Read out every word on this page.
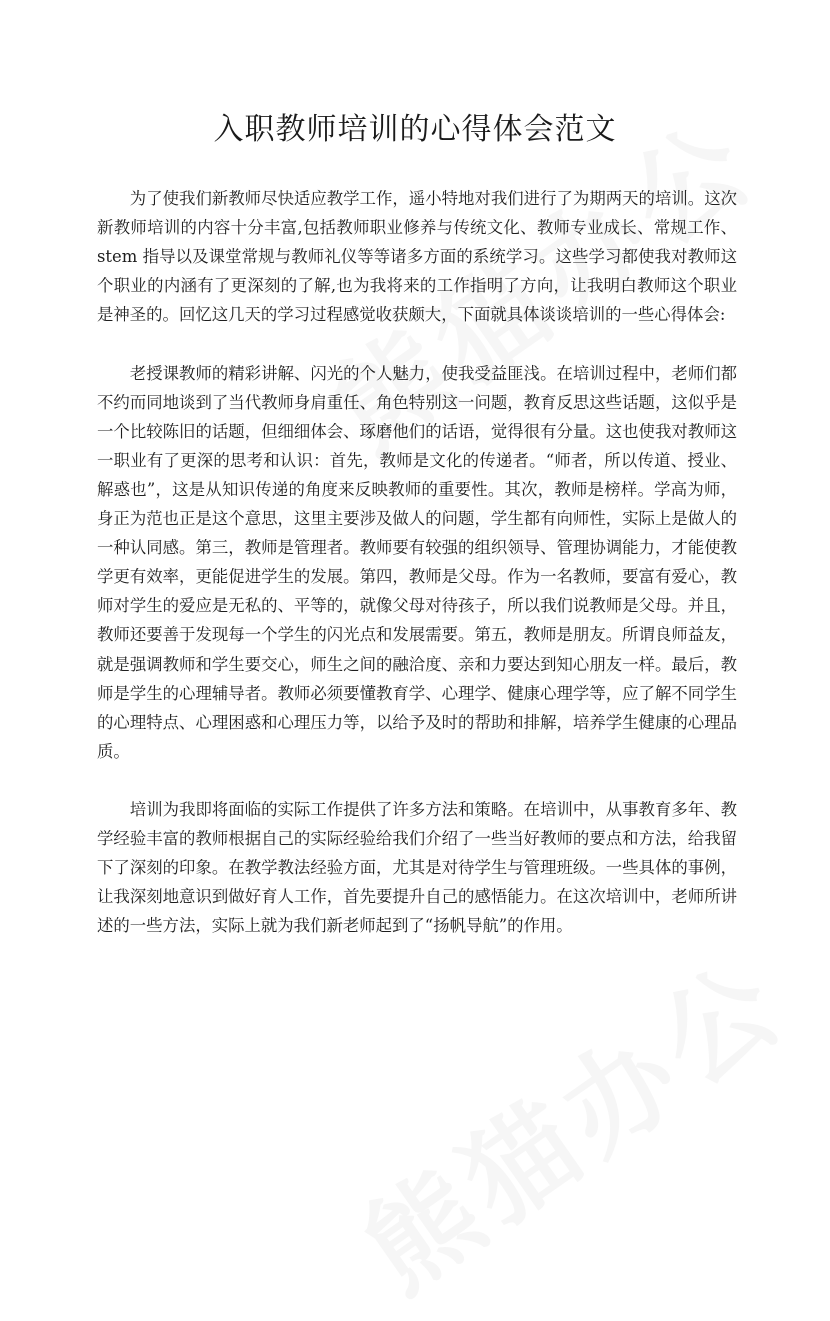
入职教师培训的心得体会范文

为了使我们新教师尽快适应教学工作，遥小特地对我们进行了为期两天的培训。这次新教师培训的内容十分丰富,包括教师职业修养与传统文化、教师专业成长、常规工作、stem 指导以及课堂常规与教师礼仪等等诸多方面的系统学习。这些学习都使我对教师这个职业的内涵有了更深刻的了解,也为我将来的工作指明了方向，让我明白教师这个职业是神圣的。回忆这几天的学习过程感觉收获颇大，下面就具体谈谈培训的一些心得体会:

老授课教师的精彩讲解、闪光的个人魅力，使我受益匪浅。在培训过程中，老师们都不约而同地谈到了当代教师身肩重任、角色特别这一问题，教育反思这些话题，这似乎是一个比较陈旧的话题，但细细体会、琢磨他们的话语，觉得很有分量。这也使我对教师这一职业有了更深的思考和认识：首先，教师是文化的传递者。“师者，所以传道、授业、解惑也”，这是从知识传递的角度来反映教师的重要性。其次，教师是榜样。学高为师，身正为范也正是这个意思，这里主要涉及做人的问题，学生都有向师性，实际上是做人的一种认同感。第三，教师是管理者。教师要有较强的组织领导、管理协调能力，才能使教学更有效率，更能促进学生的发展。第四，教师是父母。作为一名教师，要富有爱心，教师对学生的爱应是无私的、平等的，就像父母对待孩子，所以我们说教师是父母。并且，教师还要善于发现每一个学生的闪光点和发展需要。第五，教师是朋友。所谓良师益友，就是强调教师和学生要交心，师生之间的融洽度、亲和力要达到知心朋友一样。最后，教师是学生的心理辅导者。教师必须要懂教育学、心理学、健康心理学等，应了解不同学生的心理特点、心理困惑和心理压力等，以给予及时的帮助和排解，培养学生健康的心理品质。

培训为我即将面临的实际工作提供了许多方法和策略。在培训中，从事教育多年、教学经验丰富的教师根据自己的实际经验给我们介绍了一些当好教师的要点和方法，给我留下了深刻的印象。在教学教法经验方面，尤其是对待学生与管理班级。一些具体的事例，让我深刻地意识到做好育人工作，首先要提升自己的感悟能力。在这次培训中，老师所讲述的一些方法，实际上就为我们新老师起到了“扬帆导航”的作用。
